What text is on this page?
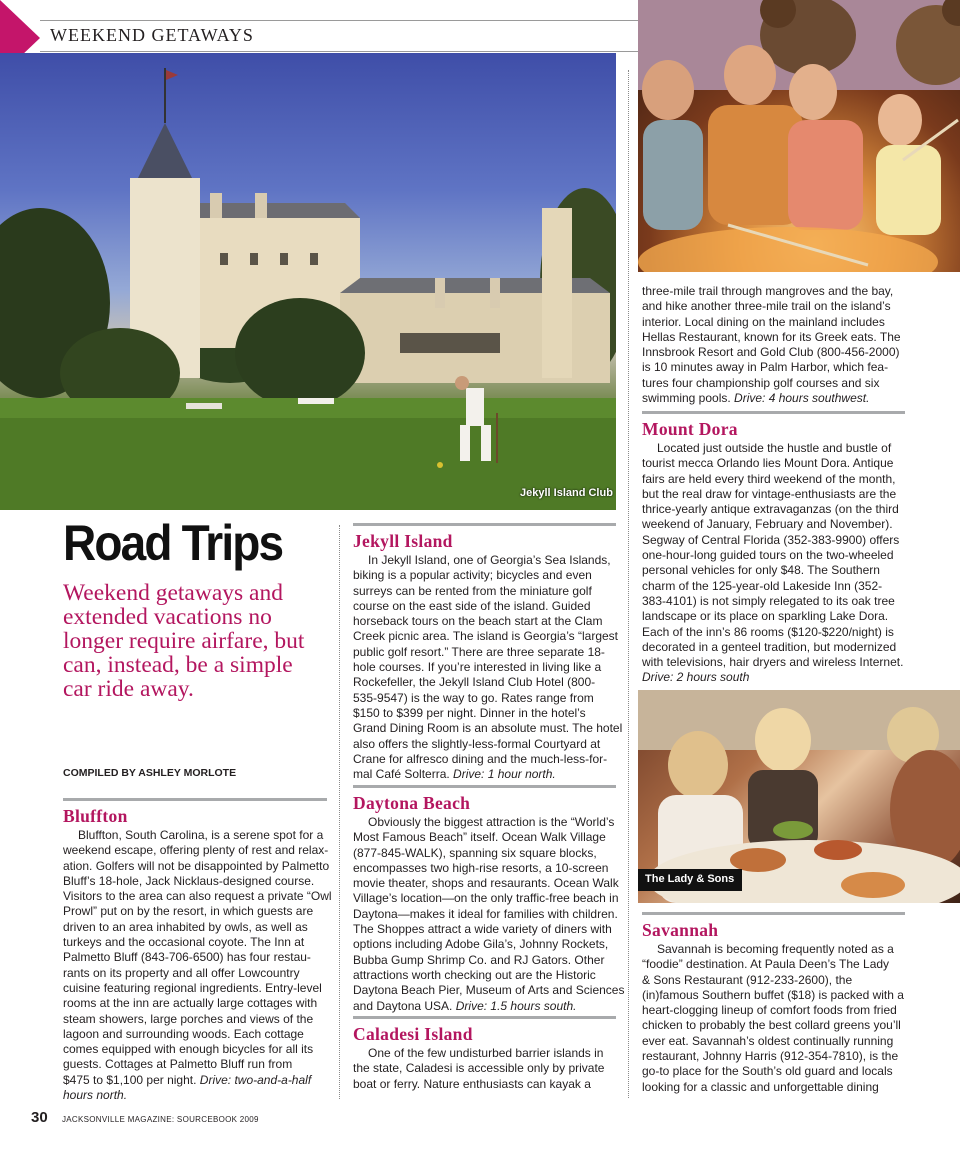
WEEKEND GETAWAYS
Jekyll Island Club
The Lady & Sons
Road Trips
Weekend getaways and extended vacations no longer require airfare, but can, instead, be a simple car ride away.
COMPILED BY ASHLEY MORLOTE
Bluffton
Bluffton, South Carolina, is a serene spot for a
weekend escape, offering plenty of rest and relax-
ation. Golfers will not be disappointed by Palmetto
Bluff’s 18-hole, Jack Nicklaus-designed course.
Visitors to the area can also request a private “Owl
Prowl” put on by the resort, in which guests are
driven to an area inhabited by owls, as well as
turkeys and the occasional coyote. The Inn at
Palmetto Bluff (843-706-6500) has four restau-
rants on its property and all offer Lowcountry
cuisine featuring regional ingredients. Entry-level
rooms at the inn are actually large cottages with
steam showers, large porches and views of the
lagoon and surrounding woods. Each cottage
comes equipped with enough bicycles for all its
guests. Cottages at Palmetto Bluff run from
$475 to $1,100 per night. Drive: two-and-a-half
hours north.
Jekyll Island
In Jekyll Island, one of Georgia’s Sea Islands,
biking is a popular activity; bicycles and even
surreys can be rented from the miniature golf
course on the east side of the island. Guided
horseback tours on the beach start at the Clam
Creek picnic area. The island is Georgia’s “largest
public golf resort.” There are three separate 18-
hole courses. If you’re interested in living like a
Rockefeller, the Jekyll Island Club Hotel (800-
535-9547) is the way to go. Rates range from
$150 to $399 per night. Dinner in the hotel’s
Grand Dining Room is an absolute must. The hotel
also offers the slightly-less-formal Courtyard at
Crane for alfresco dining and the much-less-for-
mal Café Solterra. Drive: 1 hour north.
Daytona Beach
Obviously the biggest attraction is the “World’s
Most Famous Beach” itself. Ocean Walk Village
(877-845-WALK), spanning six square blocks,
encompasses two high-rise resorts, a 10-screen
movie theater, shops and resaurants. Ocean Walk
Village’s location—on the only traffic-free beach in
Daytona—makes it ideal for families with children.
The Shoppes attract a wide variety of diners with
options including Adobe Gila’s, Johnny Rockets,
Bubba Gump Shrimp Co. and RJ Gators. Other
attractions worth checking out are the Historic
Daytona Beach Pier, Museum of Arts and Sciences
and Daytona USA. Drive: 1.5 hours south.
Caladesi Island
One of the few undisturbed barrier islands in
the state, Caladesi is accessible only by private
boat or ferry. Nature enthusiasts can kayak a
three-mile trail through mangroves and the bay,
and hike another three-mile trail on the island’s
interior. Local dining on the mainland includes
Hellas Restaurant, known for its Greek eats. The
Innsbrook Resort and Gold Club (800-456-2000)
is 10 minutes away in Palm Harbor, which fea-
tures four championship golf courses and six
swimming pools. Drive: 4 hours southwest.
Mount Dora
Located just outside the hustle and bustle of
tourist mecca Orlando lies Mount Dora. Antique
fairs are held every third weekend of the month,
but the real draw for vintage-enthusiasts are the
thrice-yearly antique extravaganzas (on the third
weekend of January, February and November).
Segway of Central Florida (352-383-9900) offers
one-hour-long guided tours on the two-wheeled
personal vehicles for only $48. The Southern
charm of the 125-year-old Lakeside Inn (352-
383-4101) is not simply relegated to its oak tree
landscape or its place on sparkling Lake Dora.
Each of the inn’s 86 rooms ($120-$220/night) is
decorated in a genteel tradition, but modernized
with televisions, hair dryers and wireless Internet.
Drive: 2 hours south
Savannah
Savannah is becoming frequently noted as a
“foodie” destination. At Paula Deen’s The Lady
& Sons Restaurant (912-233-2600), the
(in)famous Southern buffet ($18) is packed with a
heart-clogging lineup of comfort foods from fried
chicken to probably the best collard greens you’ll
ever eat. Savannah’s oldest continually running
restaurant, Johnny Harris (912-354-7810), is the
go-to place for the South’s old guard and locals
looking for a classic and unforgettable dining
30 JACKSONVILLE MAGAZINE: SOURCEBOOK 2009
